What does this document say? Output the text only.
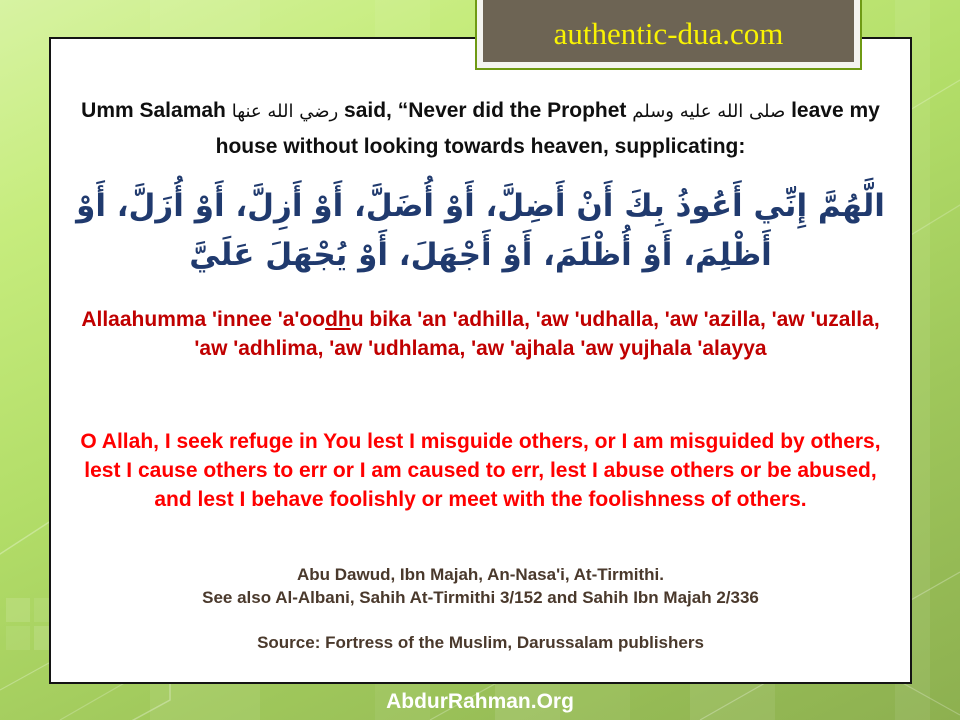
Umm Salamah رضي الله عنها said, “Never did the Prophet صلى الله عليه وسلم leave my house without looking towards heaven, supplicating:
الَّهُمَّ إِنِّي أَعُوذُ بِكَ أَنْ أَضِلَّ، أَوْ أُضَلَّ، أَوْ أَزِلَّ، أَوْ أُزَلَّ، أَوْ أَظْلِمَ، أَوْ أُظْلَمَ، أَوْ أَجْهَلَ، أَوْ يُجْهَلَ عَلَيَّ
Allaahumma 'innee 'a'oodhu bika 'an 'adhilla, 'aw 'udhalla, 'aw 'azilla, 'aw 'uzalla, 'aw 'adhlima, 'aw 'udhlama, 'aw 'ajhala 'aw yujhala 'alayya
O Allah, I seek refuge in You lest I misguide others, or I am misguided by others, lest I cause others to err or I am caused to err, lest I abuse others or be abused, and lest I behave foolishly or meet with the foolishness of others.
Abu Dawud, Ibn Majah, An-Nasa'i, At-Tirmithi.
See also Al-Albani, Sahih At-Tirmithi 3/152 and Sahih Ibn Majah 2/336
Source: Fortress of the Muslim, Darussalam publishers
authentic-dua.com
AbdurRahman.Org
